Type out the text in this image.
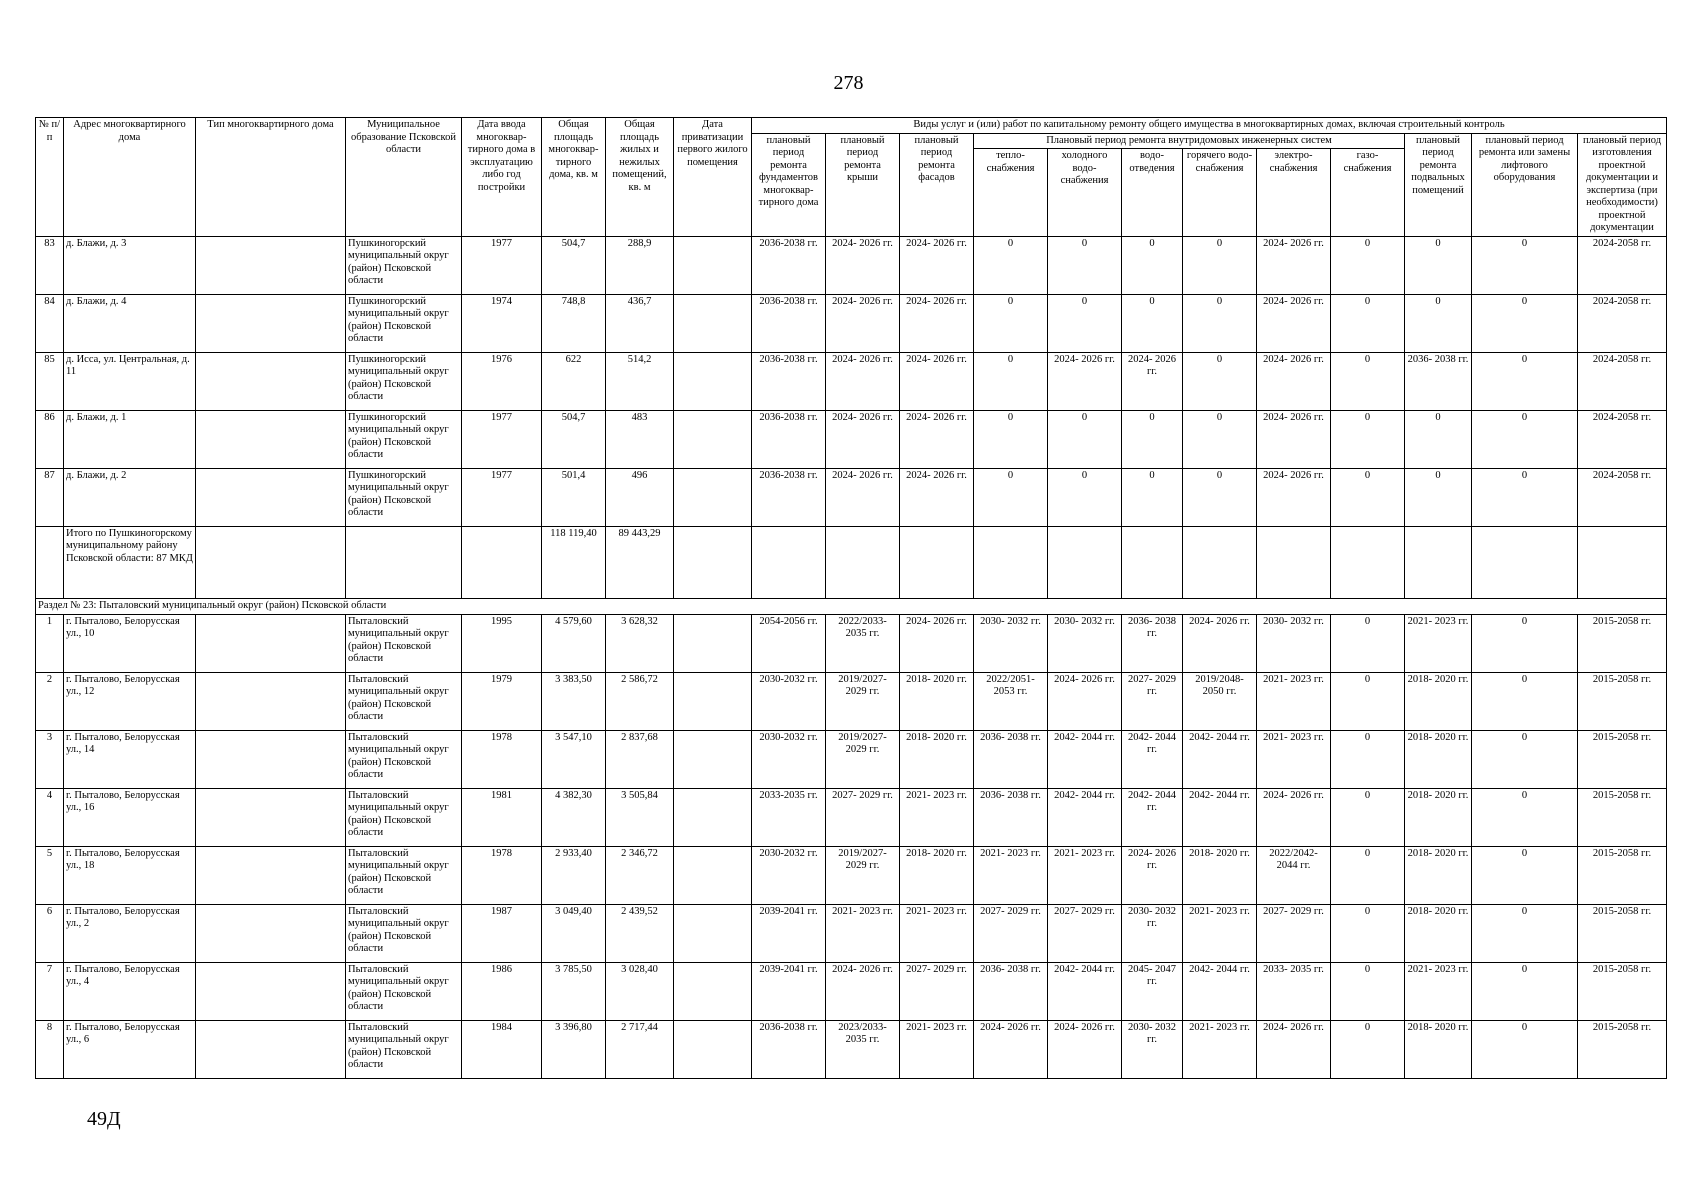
278
№ п/п	Адрес многоквартирного дома	Тип многоквартирного дома	Муниципальное образование Псковской области	Дата ввода многоквар- тирного дома в эксплуатацию либо год постройки	Общая площадь многоквар- тирного дома, кв. м	Общая площадь жилых и нежилых помещений, кв. м	Дата приватизации первого жилого помещения	Виды услуг и (или) работ по капитальному ремонту общего имущества в многоквартирных домах, включая строительный контроль											
								плановый период ремонта фундаментов многоквар- тирного дома	плановый период ремонта крыши	плановый период ремонта фасадов	Плановый период ремонта внутридомовых инженерных систем						плановый период ремонта подвальных помещений	плановый период ремонта или замены лифтового оборудования	плановый период изготовления проектной документации и экспертиза (при необходимости) проектной документации
											тепло- снабжения	холодного водо- снабжения	водо- отведения	горячего водо- снабжения	электро- снабжения	газо- снабжения			
83	д. Блажи, д. 3		Пушкиногорский муниципальный округ (район) Псковской области	1977	504,7	288,9		2036-2038 гг.	2024- 2026 гг.	2024- 2026 гг.	0	0	0	0	2024- 2026 гг.	0	0	0	2024-2058 гг.
84	д. Блажи, д. 4		Пушкиногорский муниципальный округ (район) Псковской области	1974	748,8	436,7		2036-2038 гг.	2024- 2026 гг.	2024- 2026 гг.	0	0	0	0	2024- 2026 гг.	0	0	0	2024-2058 гг.
85	д. Исса, ул. Центральная, д. 11		Пушкиногорский муниципальный округ (район) Псковской области	1976	622	514,2		2036-2038 гг.	2024- 2026 гг.	2024- 2026 гг.	0	2024- 2026 гг.	2024- 2026 гг.	0	2024- 2026 гг.	0	2036- 2038 гг.	0	2024-2058 гг.
86	д. Блажи, д. 1		Пушкиногорский муниципальный округ (район) Псковской области	1977	504,7	483		2036-2038 гг.	2024- 2026 гг.	2024- 2026 гг.	0	0	0	0	2024- 2026 гг.	0	0	0	2024-2058 гг.
87	д. Блажи, д. 2		Пушкиногорский муниципальный округ (район) Псковской области	1977	501,4	496		2036-2038 гг.	2024- 2026 гг.	2024- 2026 гг.	0	0	0	0	2024- 2026 гг.	0	0	0	2024-2058 гг.
	Итого по Пушкиногорскому муниципальному району Псковской области: 87 МКД				118 119,40	89 443,29													
Раздел № 23: Пыталовский муниципальный округ (район) Псковской области																			
1	г. Пыталово, Белорусская ул., 10		Пыталовский муниципальный округ (район) Псковской области	1995	4 579,60	3 628,32		2054-2056 гг.	2022/2033- 2035 гг.	2024- 2026 гг.	2030- 2032 гг.	2030- 2032 гг.	2036- 2038 гг.	2024- 2026 гг.	2030- 2032 гг.	0	2021- 2023 гг.	0	2015-2058 гг.
2	г. Пыталово, Белорусская ул., 12		Пыталовский муниципальный округ (район) Псковской области	1979	3 383,50	2 586,72		2030-2032 гг.	2019/2027- 2029 гг.	2018- 2020 гг.	2022/2051- 2053 гг.	2024- 2026 гг.	2027- 2029 гг.	2019/2048- 2050 гг.	2021- 2023 гг.	0	2018- 2020 гг.	0	2015-2058 гг.
3	г. Пыталово, Белорусская ул., 14		Пыталовский муниципальный округ (район) Псковской области	1978	3 547,10	2 837,68		2030-2032 гг.	2019/2027- 2029 гг.	2018- 2020 гг.	2036- 2038 гг.	2042- 2044 гг.	2042- 2044 гг.	2042- 2044 гг.	2021- 2023 гг.	0	2018- 2020 гг.	0	2015-2058 гг.
4	г. Пыталово, Белорусская ул., 16		Пыталовский муниципальный округ (район) Псковской области	1981	4 382,30	3 505,84		2033-2035 гг.	2027- 2029 гг.	2021- 2023 гг.	2036- 2038 гг.	2042- 2044 гг.	2042- 2044 гг.	2042- 2044 гг.	2024- 2026 гг.	0	2018- 2020 гг.	0	2015-2058 гг.
5	г. Пыталово, Белорусская ул., 18		Пыталовский муниципальный округ (район) Псковской области	1978	2 933,40	2 346,72		2030-2032 гг.	2019/2027- 2029 гг.	2018- 2020 гг.	2021- 2023 гг.	2021- 2023 гг.	2024- 2026 гг.	2018- 2020 гг.	2022/2042- 2044 гг.	0	2018- 2020 гг.	0	2015-2058 гг.
6	г. Пыталово, Белорусская ул., 2		Пыталовский муниципальный округ (район) Псковской области	1987	3 049,40	2 439,52		2039-2041 гг.	2021- 2023 гг.	2021- 2023 гг.	2027- 2029 гг.	2027- 2029 гг.	2030- 2032 гг.	2021- 2023 гг.	2027- 2029 гг.	0	2018- 2020 гг.	0	2015-2058 гг.
7	г. Пыталово, Белорусская ул., 4		Пыталовский муниципальный округ (район) Псковской области	1986	3 785,50	3 028,40		2039-2041 гг.	2024- 2026 гг.	2027- 2029 гг.	2036- 2038 гг.	2042- 2044 гг.	2045- 2047 гг.	2042- 2044 гг.	2033- 2035 гг.	0	2021- 2023 гг.	0	2015-2058 гг.
8	г. Пыталово, Белорусская ул., 6		Пыталовский муниципальный округ (район) Псковской области	1984	3 396,80	2 717,44		2036-2038 гг.	2023/2033- 2035 гг.	2021- 2023 гг.	2024- 2026 гг.	2024- 2026 гг.	2030- 2032 гг.	2021- 2023 гг.	2024- 2026 гг.	0	2018- 2020 гг.	0	2015-2058 гг.
49Д
